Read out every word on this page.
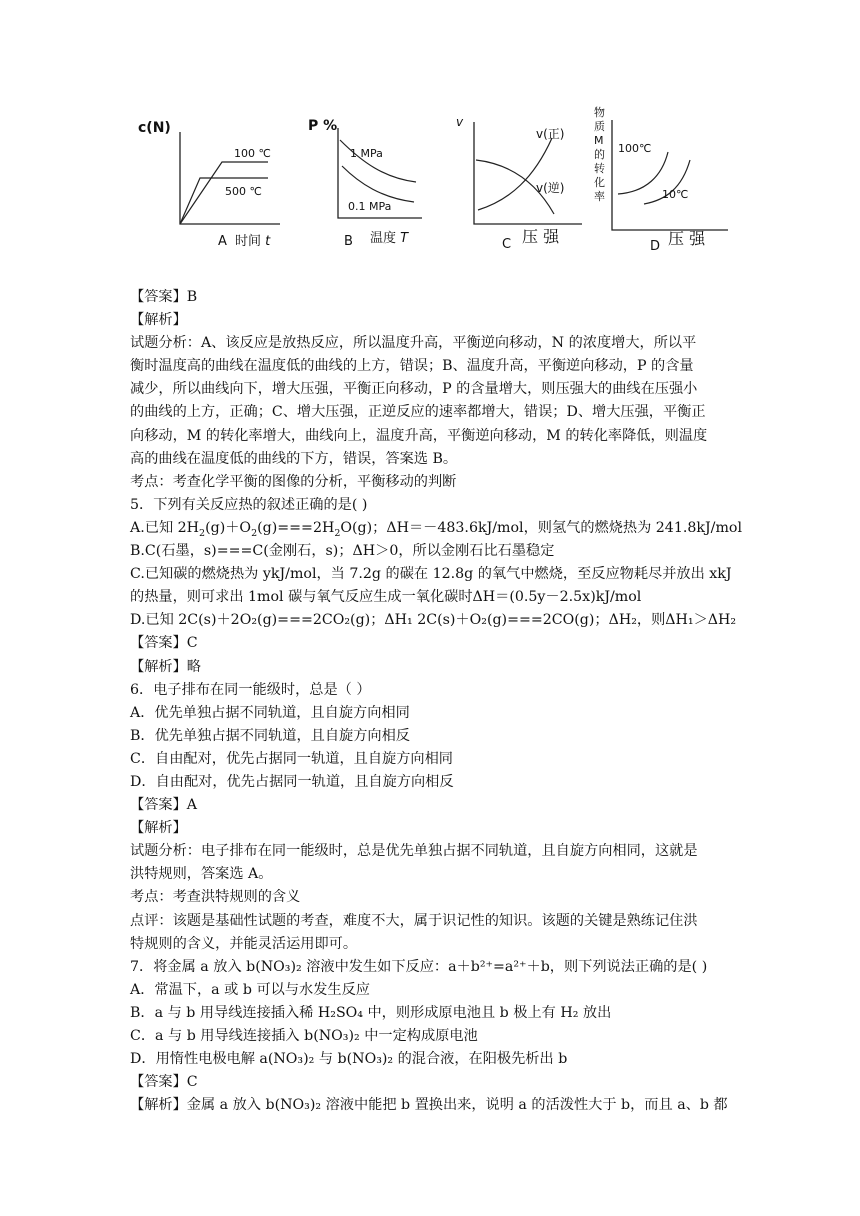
c(N)
100 ℃
500 ℃
A 时间 t
P %
1 MPa
0.1 MPa
B 温度 T
v
v(正)
v(逆)
C 压 强
物质 M 的转化率
100℃
10℃
D 压 强
【答案】B
【解析】
试题分析：A、该反应是放热反应，所以温度升高，平衡逆向移动，N 的浓度增大，所以平
衡时温度高的曲线在温度低的曲线的上方，错误；B、温度升高，平衡逆向移动，P 的含量
减少，所以曲线向下，增大压强，平衡正向移动，P 的含量增大，则压强大的曲线在压强小
的曲线的上方，正确；C、增大压强，正逆反应的速率都增大，错误；D、增大压强，平衡正
向移动，M 的转化率增大，曲线向上，温度升高，平衡逆向移动，M 的转化率降低，则温度
高的曲线在温度低的曲线的下方，错误，答案选 B。
考点：考查化学平衡的图像的分析，平衡移动的判断
5．下列有关反应热的叙述正确的是( )
A.已知 $2H_2(g)+O_2(g)===2H_2O(g)$；ΔH＝－483.6kJ/mol，则氢气的燃烧热为 241.8kJ/mol
B.C(石墨，s)===C(金刚石，s)；ΔH＞0，所以金刚石比石墨稳定
C.已知碳的燃烧热为 ykJ/mol，当 7.2g 的碳在 12.8g 的氧气中燃烧，至反应物耗尽并放出 xkJ
的热量，则可求出 1mol 碳与氧气反应生成一氧化碳时ΔH＝(0.5y－2.5x)kJ/mol
D.已知 2C(s)＋2O₂(g)===2CO₂(g)；ΔH₁ 2C(s)＋O₂(g)===2CO(g)；ΔH₂，则ΔH₁＞ΔH₂
【答案】C
【解析】略
6．电子排布在同一能级时，总是（ ）
A．优先单独占据不同轨道，且自旋方向相同
B．优先单独占据不同轨道，且自旋方向相反
C．自由配对，优先占据同一轨道，且自旋方向相同
D．自由配对，优先占据同一轨道，且自旋方向相反
【答案】A
【解析】
试题分析：电子排布在同一能级时，总是优先单独占据不同轨道，且自旋方向相同，这就是
洪特规则，答案选 A。
考点：考查洪特规则的含义
点评：该题是基础性试题的考查，难度不大，属于识记性的知识。该题的关键是熟练记住洪
特规则的含义，并能灵活运用即可。
7．将金属 a 放入 b(NO₃)₂ 溶液中发生如下反应：a＋b²⁺=a²⁺＋b，则下列说法正确的是( )
A．常温下，a 或 b 可以与水发生反应
B．a 与 b 用导线连接插入稀 H₂SO₄ 中，则形成原电池且 b 极上有 H₂ 放出
C．a 与 b 用导线连接插入 b(NO₃)₂ 中一定构成原电池
D．用惰性电极电解 a(NO₃)₂ 与 b(NO₃)₂ 的混合液，在阳极先析出 b
【答案】C
【解析】金属 a 放入 b(NO₃)₂ 溶液中能把 b 置换出来，说明 a 的活泼性大于 b，而且 a、b 都
